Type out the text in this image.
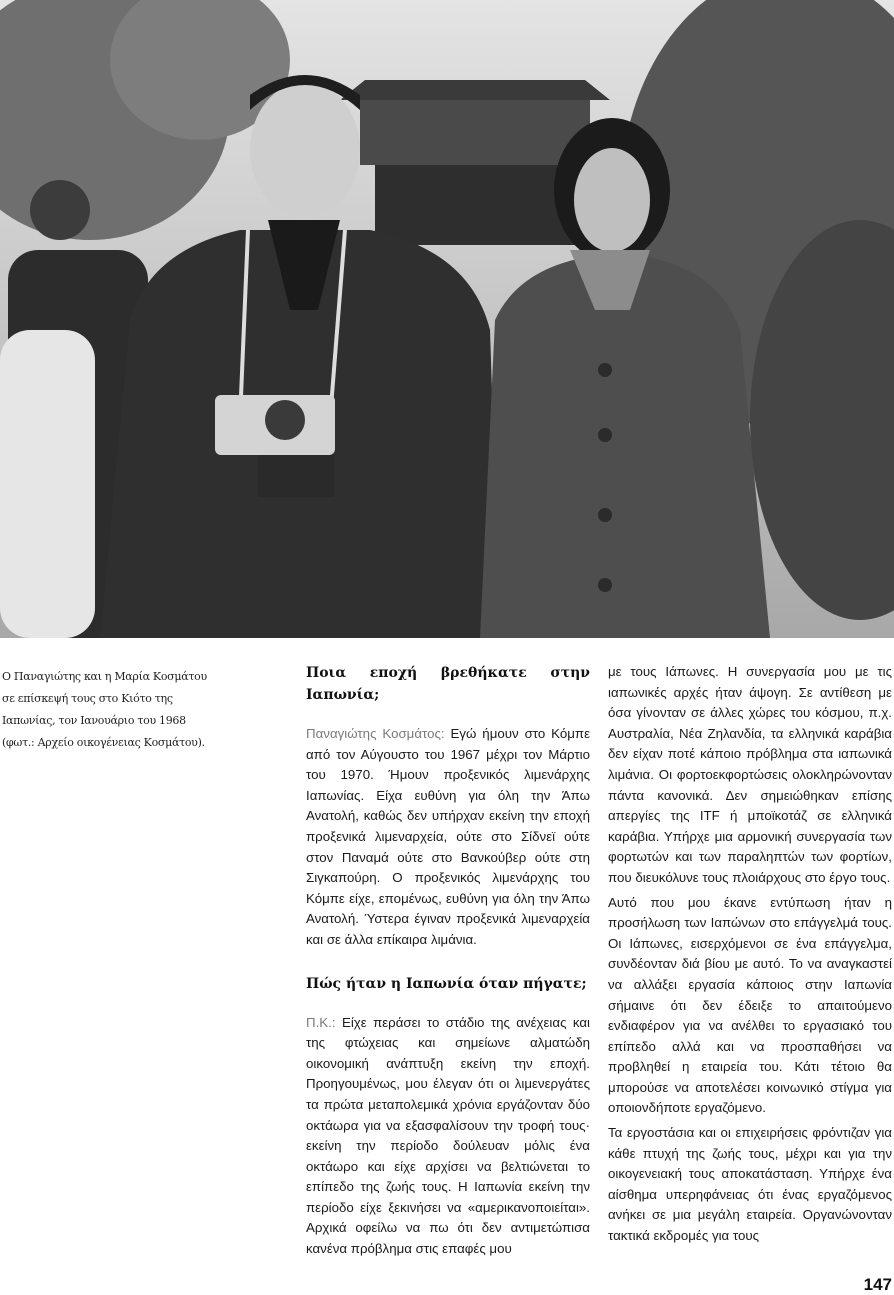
Ο Παναγιώτης και η Μαρία Κοσμάτου
σε επίσκεψή τους στο Κιότο της
Ιαπωνίας, τον Ιανουάριο του 1968
(φωτ.: Αρχείο οικογένειας Κοσμάτου).
Ποια εποχή βρεθήκατε στην Ιαπωνία;

Παναγιώτης Κοσμάτος: Εγώ ήμουν στο Κόμπε από τον Αύγουστο του 1967 μέχρι τον Μάρτιο του 1970. Ήμουν προξενικός λιμενάρχης Ιαπωνίας. Είχα ευθύνη για όλη την Άπω Ανατολή, καθώς δεν υπήρχαν εκείνη την εποχή προξενικά λιμεναρχεία, ούτε στο Σίδνεϊ ούτε στον Παναμά ούτε στο Βανκούβερ ούτε στη Σιγκαπούρη. Ο προξενικός λιμενάρχης του Κόμπε είχε, επομένως, ευθύνη για όλη την Άπω Ανατολή. Ύστερα έγιναν προξενικά λιμεναρχεία και σε άλλα επίκαιρα λιμάνια.

Πώς ήταν η Ιαπωνία όταν πήγατε;

Π.Κ.: Είχε περάσει το στάδιο της ανέχειας και της φτώχειας και σημείωνε αλματώδη οικονομική ανάπτυξη εκείνη την εποχή. Προηγουμένως, μου έλεγαν ότι οι λιμενεργάτες τα πρώτα μεταπολεμικά χρόνια εργάζονταν δύο οκτάωρα για να εξασφαλίσουν την τροφή τους· εκείνη την περίοδο δούλευαν μόλις ένα οκτάωρο και είχε αρχίσει να βελτιώνεται το επίπεδο της ζωής τους. Η Ιαπωνία εκείνη την περίοδο είχε ξεκινήσει να «αμερικανοποιείται». Αρχικά οφείλω να πω ότι δεν αντιμετώπισα κανένα πρόβλημα στις επαφές μου

με τους Ιάπωνες. Η συνεργασία μου με τις ιαπωνικές αρχές ήταν άψογη. Σε αντίθεση με όσα γίνονταν σε άλλες χώρες του κόσμου, π.χ. Αυστραλία, Νέα Ζηλανδία, τα ελληνικά καράβια δεν είχαν ποτέ κάποιο πρόβλημα στα ιαπωνικά λιμάνια. Οι φορτοεκφορτώσεις ολοκληρώνονταν πάντα κανονικά. Δεν σημειώθηκαν επίσης απεργίες της ITF ή μποϊκοτάζ σε ελληνικά καράβια. Υπήρχε μια αρμονική συνεργασία των φορτωτών και των παραληπτών των φορτίων, που διευκόλυνε τους πλοιάρχους στο έργο τους.

Αυτό που μου έκανε εντύπωση ήταν η προσήλωση των Ιαπώνων στο επάγγελμά τους. Οι Ιάπωνες, εισερχόμενοι σε ένα επάγγελμα, συνδέονταν διά βίου με αυτό. Το να αναγκαστεί να αλλάξει εργασία κάποιος στην Ιαπωνία σήμαινε ότι δεν έδειξε το απαιτούμενο ενδιαφέρον για να ανέλθει το εργασιακό του επίπεδο αλλά και να προσπαθήσει να προβληθεί η εταιρεία του. Κάτι τέτοιο θα μπορούσε να αποτελέσει κοινωνικό στίγμα για οποιονδήποτε εργαζόμενο.

Τα εργοστάσια και οι επιχειρήσεις φρόντιζαν για κάθε πτυχή της ζωής τους, μέχρι και για την οικογενειακή τους αποκατάσταση. Υπήρχε ένα αίσθημα υπερηφάνειας ότι ένας εργαζόμενος ανήκει σε μια μεγάλη εταιρεία. Οργανώνονταν τακτικά εκδρομές για τους

147
